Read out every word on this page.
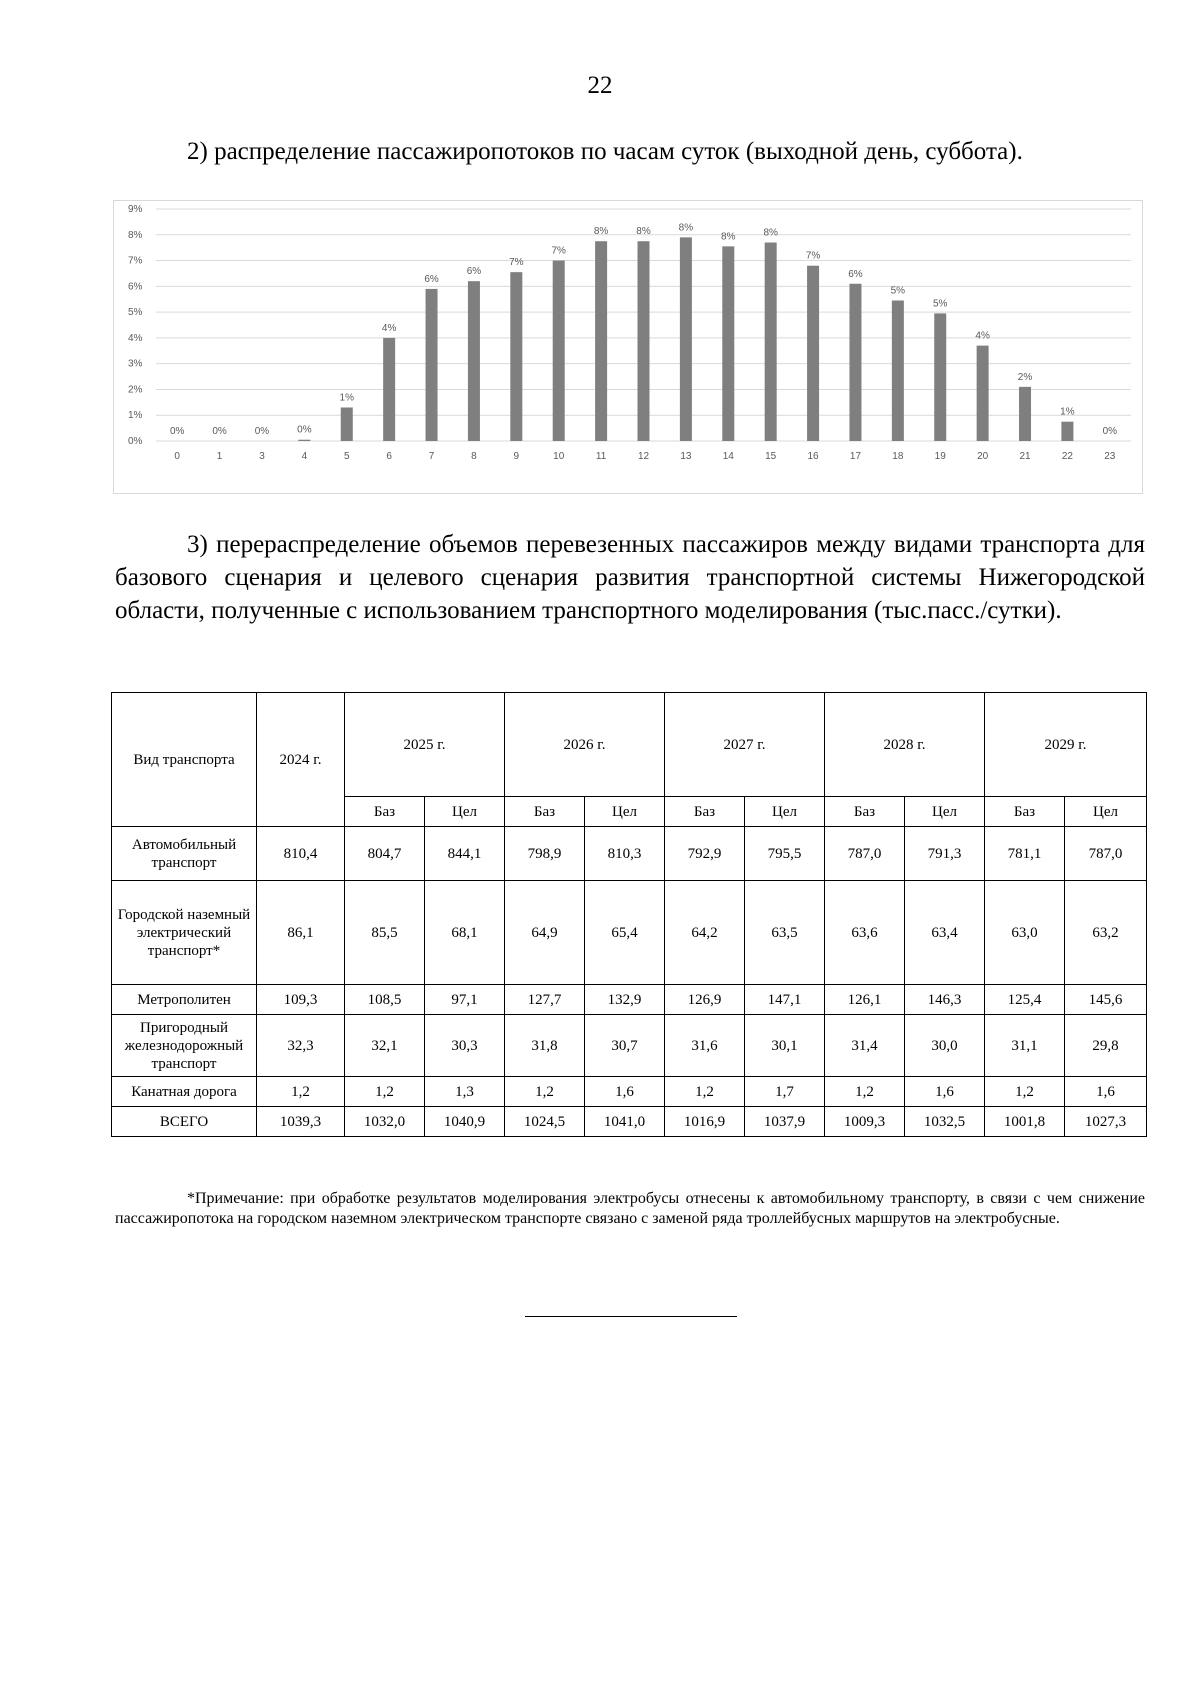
22
2) распределение пассажиропотоков по часам суток (выходной день, суббота).
0%
1%
2%
3%
4%
5%
6%
7%
8%
9%
0%
0
0%
1
0%
3
0%
4
1%
5
4%
6
6%
7
6%
8
7%
9
7%
10
8%
11
8%
12
8%
13
8%
14
8%
15
7%
16
6%
17
5%
18
5%
19
4%
20
2%
21
1%
22
0%
23
3) перераспределение объемов перевезенных пассажиров между видами транспорта для базового сценария и целевого сценария развития транспортной системы Нижегородской области, полученные с использованием транспортного моделирования (тыс.пасс./сутки).
Вид транспорта	2024 г.	2025 г.		2026 г.		2027 г.		2028 г.		2029 г.	
		Баз	Цел	Баз	Цел	Баз	Цел	Баз	Цел	Баз	Цел
Автомобильный транспорт	810,4	804,7	844,1	798,9	810,3	792,9	795,5	787,0	791,3	781,1	787,0
Городской наземный электрический транспорт*	86,1	85,5	68,1	64,9	65,4	64,2	63,5	63,6	63,4	63,0	63,2
Метрополитен	109,3	108,5	97,1	127,7	132,9	126,9	147,1	126,1	146,3	125,4	145,6
Пригородный железнодорожный транспорт	32,3	32,1	30,3	31,8	30,7	31,6	30,1	31,4	30,0	31,1	29,8
Канатная дорога	1,2	1,2	1,3	1,2	1,6	1,2	1,7	1,2	1,6	1,2	1,6
ВСЕГО	1039,3	1032,0	1040,9	1024,5	1041,0	1016,9	1037,9	1009,3	1032,5	1001,8	1027,3
*Примечание: при обработке результатов моделирования электробусы отнесены к автомобильному транспорту, в связи с чем снижение пассажиропотока на городском наземном электрическом транспорте связано с заменой ряда троллейбусных маршрутов на электробусные.
